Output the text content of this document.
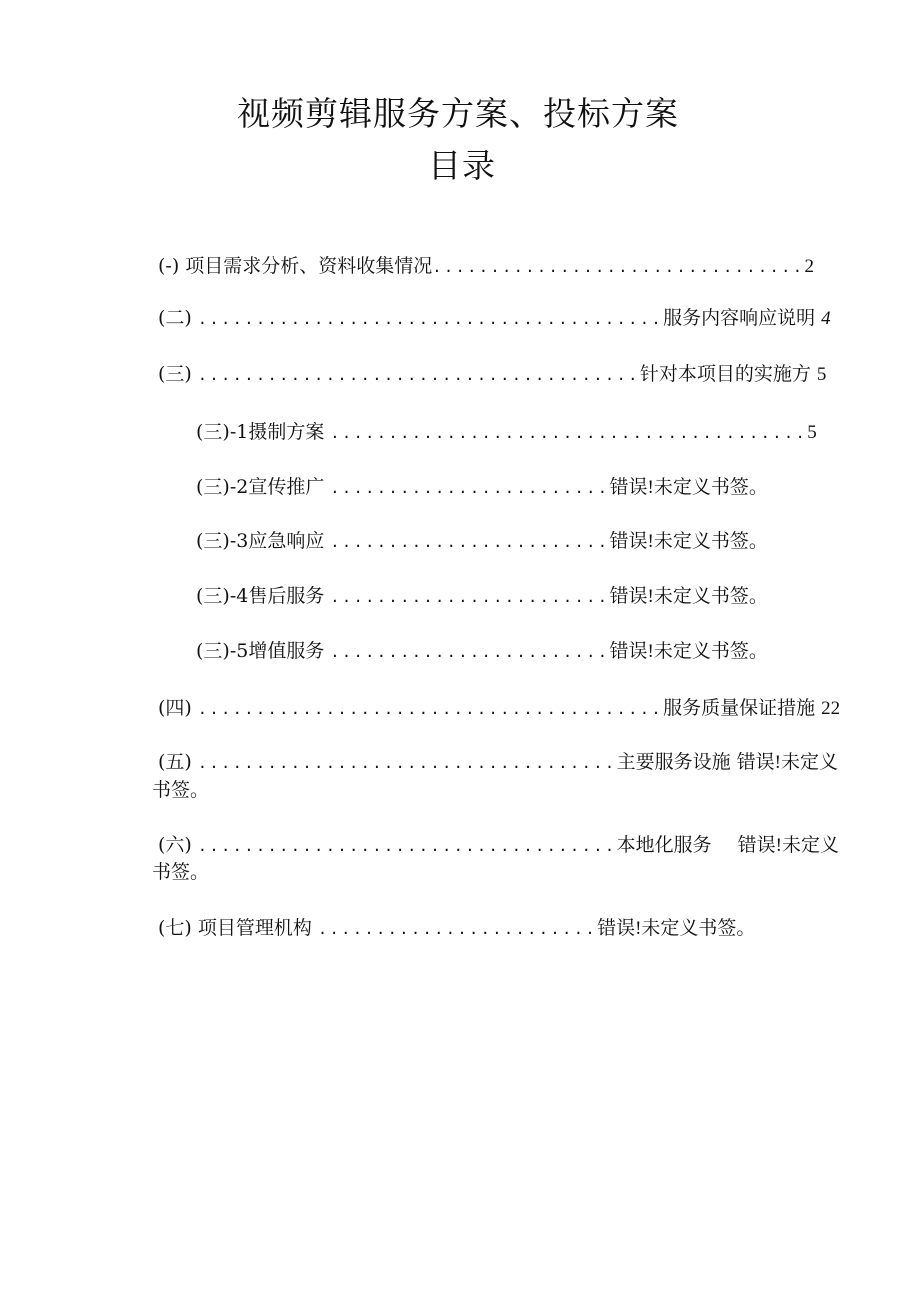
视频剪辑服务方案、投标方案
目录
(-) 项目需求分析、资料收集情况................................2
(二) ........................................服务内容响应说明 4
(三) ......................................针对本项目的实施方 5
(三)-1摄制方案 .........................................5
(三)-2宣传推广 ........................错误!未定义书签。
(三)-3应急响应 ........................错误!未定义书签。
(三)-4售后服务 ........................错误!未定义书签。
(三)-5增值服务 ........................错误!未定义书签。
(四) ........................................服务质量保证措施 22
(五) ....................................主要服务设施 错误!未定义
书签。
(六) ....................................本地化服务 错误!未定义
书签。
(七) 项目管理机构 ........................错误!未定义书签。
